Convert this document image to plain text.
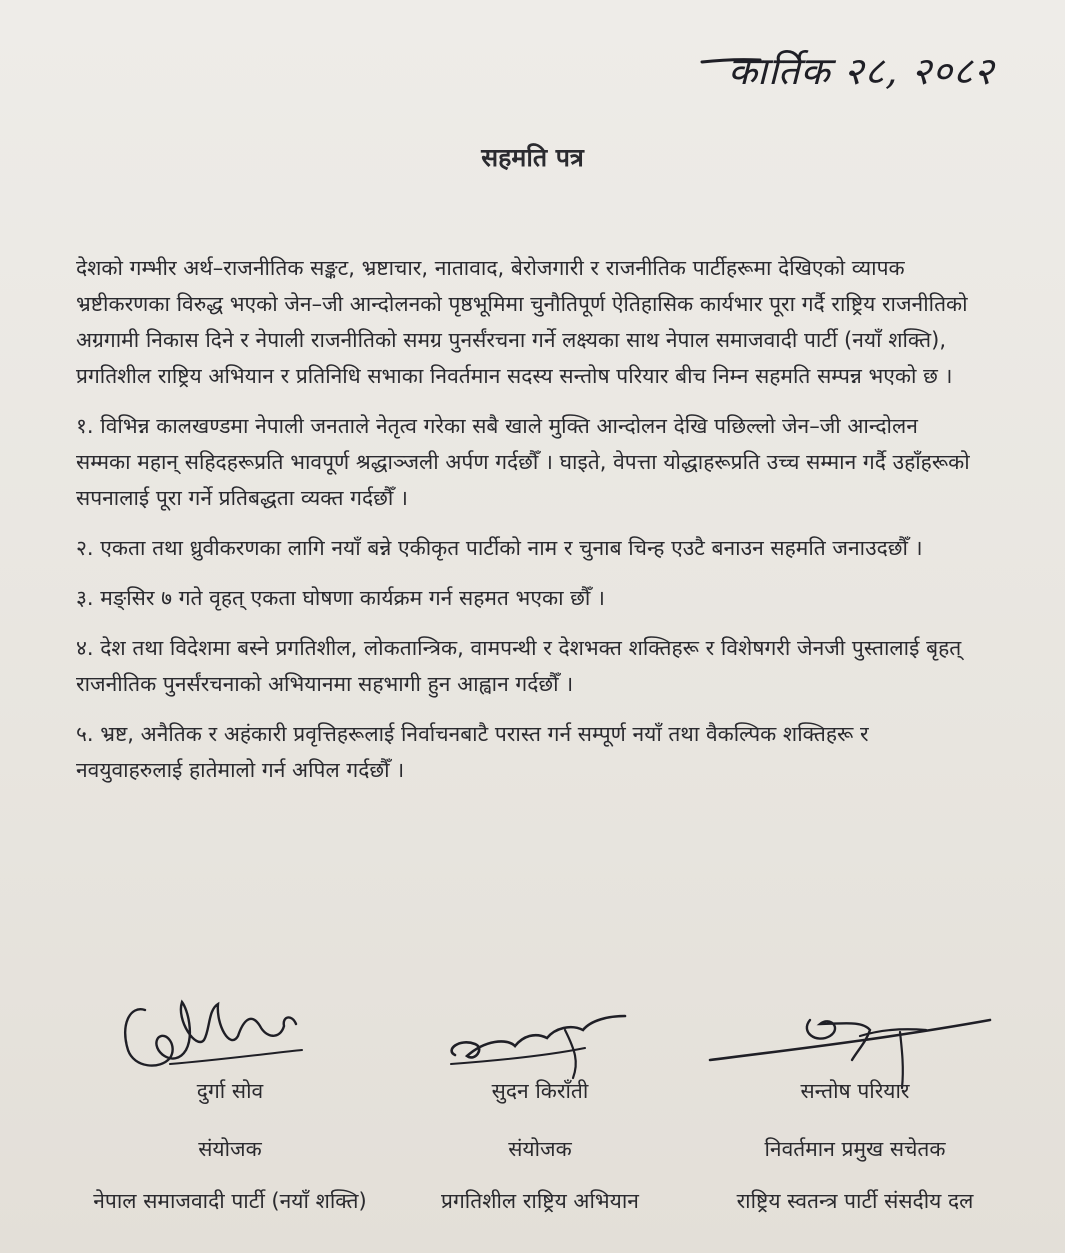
कार्तिक २८, २०८२
सहमति पत्र

देशको गम्भीर अर्थ–राजनीतिक सङ्कट, भ्रष्टाचार, नातावाद, बेरोजगारी र राजनीतिक पार्टीहरूमा देखिएको व्यापक भ्रष्टीकरणका विरुद्ध भएको जेन–जी आन्दोलनको पृष्ठभूमिमा चुनौतिपूर्ण ऐतिहासिक कार्यभार पूरा गर्दै राष्ट्रिय राजनीतिको अग्रगामी निकास दिने र नेपाली राजनीतिको समग्र पुनर्संरचना गर्ने लक्ष्यका साथ नेपाल समाजवादी पार्टी (नयाँ शक्ति), प्रगतिशील राष्ट्रिय अभियान र प्रतिनिधि सभाका निवर्तमान सदस्य सन्तोष परियार बीच निम्न सहमति सम्पन्न भएको छ ।

१. विभिन्न कालखण्डमा नेपाली जनताले नेतृत्व गरेका सबै खाले मुक्ति आन्दोलन देखि पछिल्लो जेन–जी आन्दोलन सम्मका महान् सहिदहरूप्रति भावपूर्ण श्रद्धाञ्जली अर्पण गर्दछौँ । घाइते, वेपत्ता योद्धाहरूप्रति उच्च सम्मान गर्दै उहाँहरूको सपनालाई पूरा गर्ने प्रतिबद्धता व्यक्त गर्दछौँ ।

२. एकता तथा ध्रुवीकरणका लागि नयाँ बन्ने एकीकृत पार्टीको नाम र चुनाब चिन्ह एउटै बनाउन सहमति जनाउदछौँ ।

३. मङ्सिर ७ गते वृहत् एकता घोषणा कार्यक्रम गर्न सहमत भएका छौँ ।

४. देश तथा विदेशमा बस्ने प्रगतिशील, लोकतान्त्रिक, वामपन्थी र देशभक्त शक्तिहरू र विशेषगरी जेनजी पुस्तालाई बृहत् राजनीतिक पुनर्संरचनाको अभियानमा सहभागी हुन आह्वान गर्दछौँ ।

५. भ्रष्ट, अनैतिक र अहंकारी प्रवृत्तिहरूलाई निर्वाचनबाटै परास्त गर्न सम्पूर्ण नयाँ तथा वैकल्पिक शक्तिहरू र नवयुवाहरुलाई हातेमालो गर्न अपिल गर्दछौँ ।

दुर्गा सोव
संयोजक
नेपाल समाजवादी पार्टी (नयाँ शक्ति)
सुदन किराँती
संयोजक
प्रगतिशील राष्ट्रिय अभियान
सन्तोष परियार
निवर्तमान प्रमुख सचेतक
राष्ट्रिय स्वतन्त्र पार्टी संसदीय दल
